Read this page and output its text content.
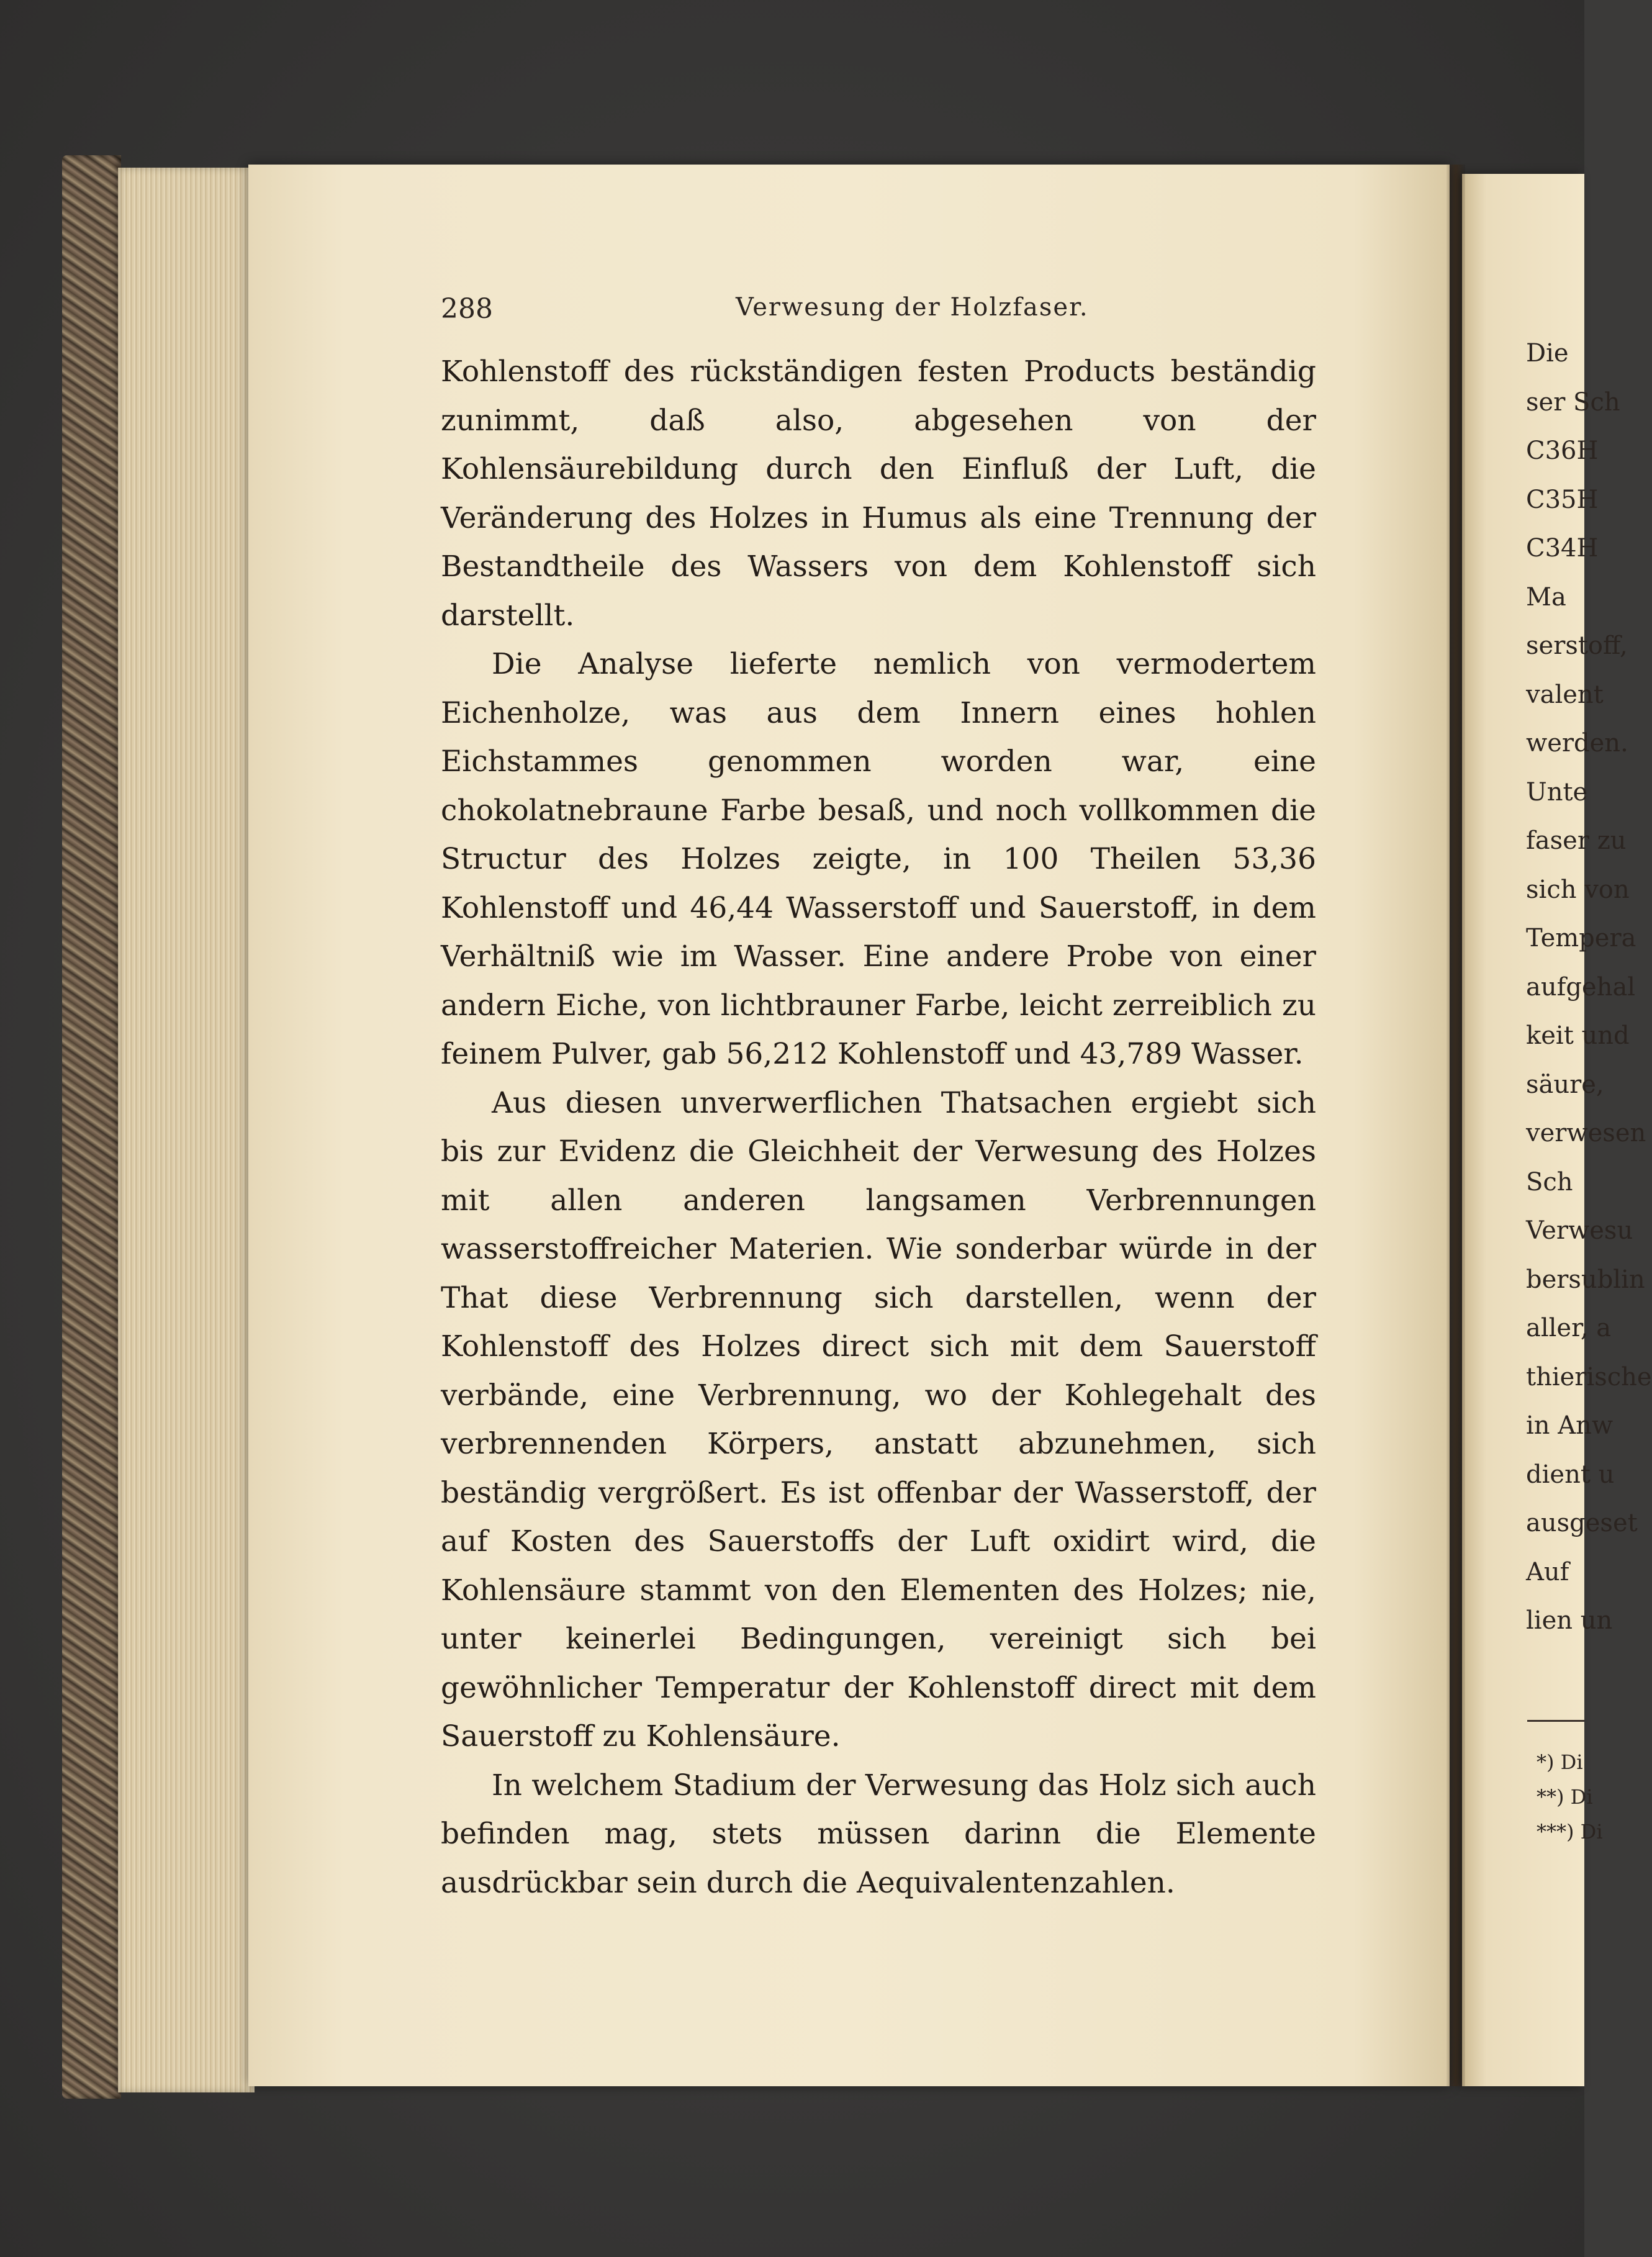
288	Verwesung der Holzfaser.

Kohlenstoff des rückständigen festen Products beständig zunimmt, daß also, abgesehen von der Kohlensäurebildung durch den Einfluß der Luft, die Veränderung des Holzes in Humus als eine Trennung der Bestandtheile des Wassers von dem Kohlenstoff sich darstellt.

Die Analyse lieferte nemlich von vermodertem Eichenholze, was aus dem Innern eines hohlen Eichstammes genommen worden war, eine chokolatnebraune Farbe besaß, und noch vollkommen die Structur des Holzes zeigte, in 100 Theilen 53,36 Kohlenstoff und 46,44 Wasserstoff und Sauerstoff, in dem Verhältniß wie im Wasser. Eine andere Probe von einer andern Eiche, von lichtbrauner Farbe, leicht zerreiblich zu feinem Pulver, gab 56,212 Kohlenstoff und 43,789 Wasser.

Aus diesen unverwerflichen Thatsachen ergiebt sich bis zur Evidenz die Gleichheit der Verwesung des Holzes mit allen anderen langsamen Verbrennungen wasserstoffreicher Materien. Wie sonderbar würde in der That diese Verbrennung sich darstellen, wenn der Kohlenstoff des Holzes direct sich mit dem Sauerstoff verbände, eine Verbrennung, wo der Kohlegehalt des verbrennenden Körpers, anstatt abzunehmen, sich beständig vergrößert. Es ist offenbar der Wasserstoff, der auf Kosten des Sauerstoffs der Luft oxidirt wird, die Kohlensäure stammt von den Elementen des Holzes; nie, unter keinerlei Bedingungen, vereinigt sich bei gewöhnlicher Temperatur der Kohlenstoff direct mit dem Sauerstoff zu Kohlensäure.

In welchem Stadium der Verwesung das Holz sich auch befinden mag, stets müssen darinn die Elemente ausdrückbar sein durch die Aequivalentenzahlen.

Die
ser Sch
C36H
C35H
C34H
Ma
serstoff,
valent
werden.
Unte
faser zu
sich von
Tempera
aufgehal
keit und
säure,
verwesen
Sch
Verwesu
bersublin
aller, a
thierische
in Anw
dient u
ausgeset
Auf
lien un
*) Di
**) Di
***) Di
